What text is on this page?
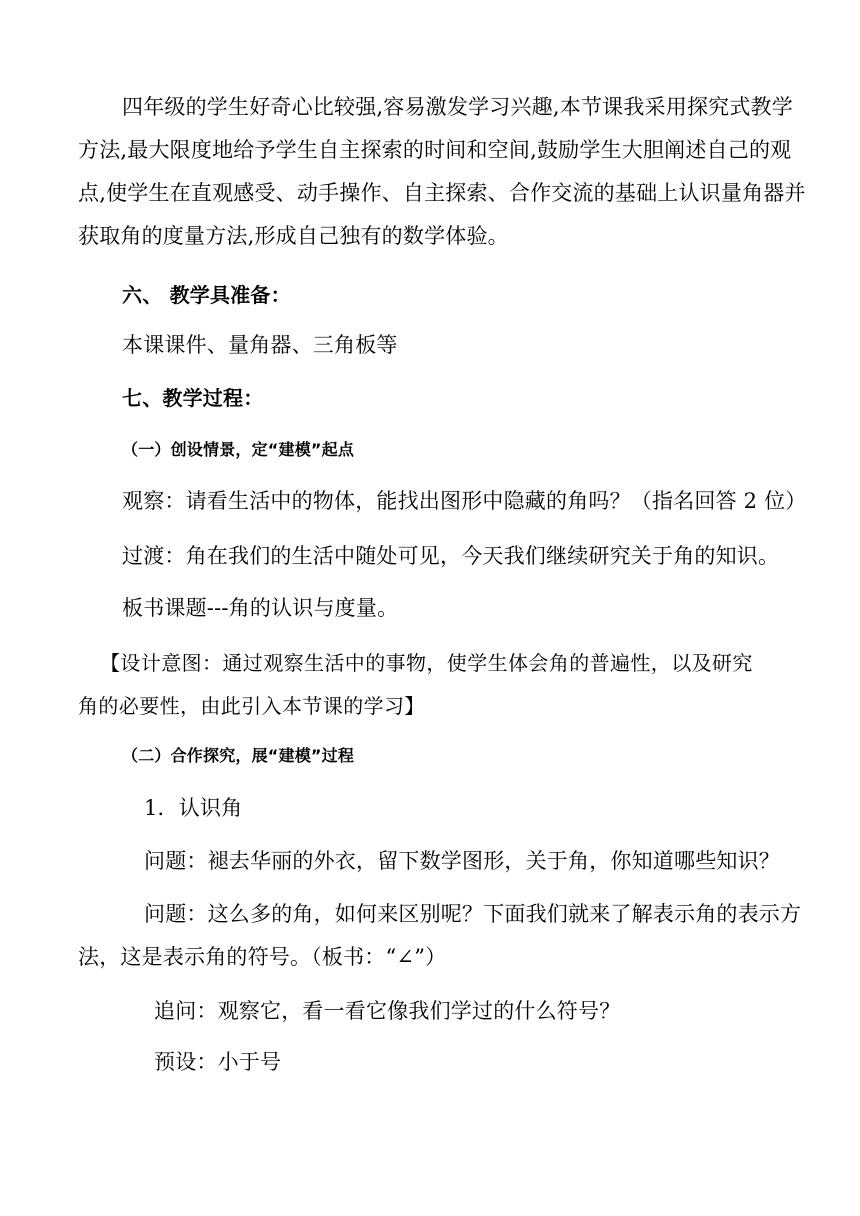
四年级的学生好奇心比较强,容易激发学习兴趣,本节课我采用探究式教学
方法,最大限度地给予学生自主探索的时间和空间,鼓励学生大胆阐述自己的观
点,使学生在直观感受、动手操作、自主探索、合作交流的基础上认识量角器并
获取角的度量方法,形成自己独有的数学体验。
六、 教学具准备：
本课课件、量角器、三角板等
七、教学过程：
（一）创设情景，定“建模”起点
观察：请看生活中的物体，能找出图形中隐藏的角吗？（指名回答 2 位）
过渡：角在我们的生活中随处可见，今天我们继续研究关于角的知识。
板书课题---角的认识与度量。
【设计意图：通过观察生活中的事物，使学生体会角的普遍性，以及研究
角的必要性，由此引入本节课的学习】
（二）合作探究，展“建模”过程
1．认识角
问题：褪去华丽的外衣，留下数学图形，关于角，你知道哪些知识？
问题：这么多的角，如何来区别呢？下面我们就来了解表示角的表示方
法，这是表示角的符号。（板书：“∠”）
追问：观察它，看一看它像我们学过的什么符号？
预设：小于号
